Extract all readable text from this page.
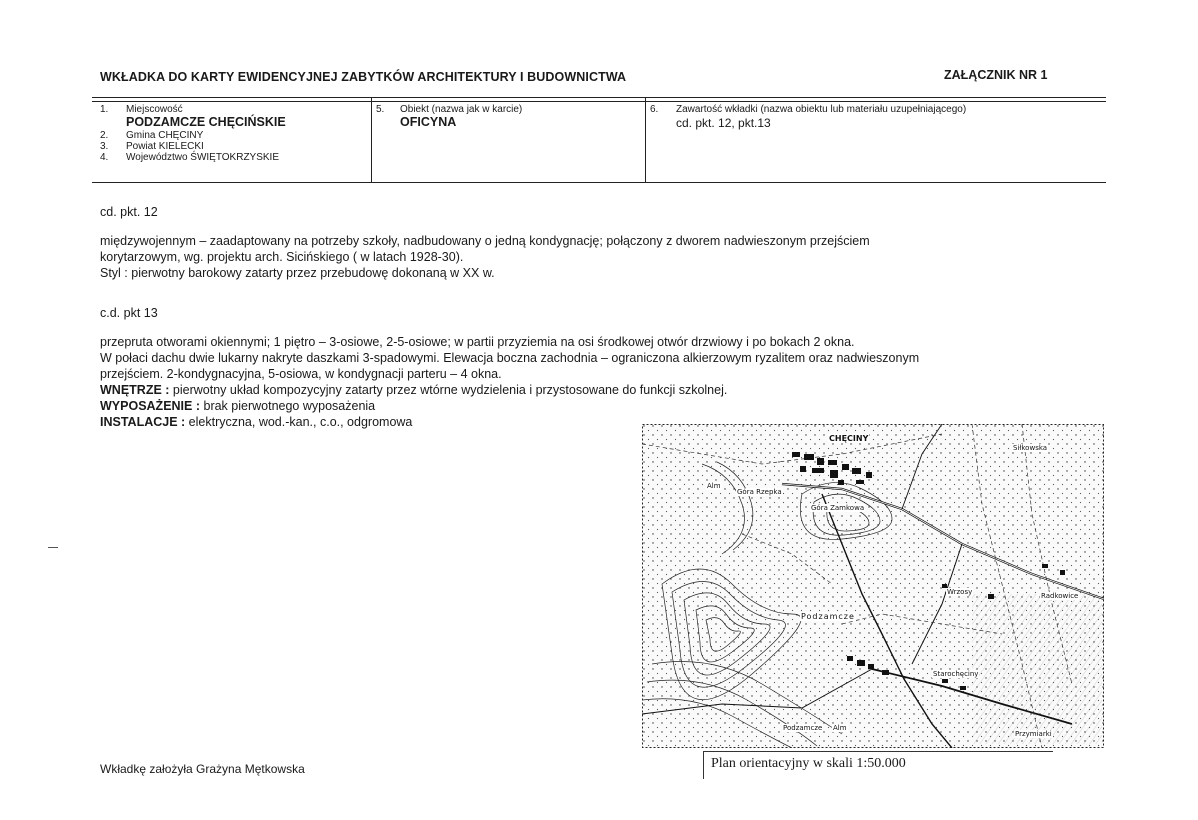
WKŁADKA DO KARTY EWIDENCYJNEJ ZABYTKÓW ARCHITEKTURY I BUDOWNICTWA	ZAŁĄCZNIK NR 1
1. Miejscowość
PODZAMCZE CHĘCIŃSKIE
2. Gmina CHĘCINY
3. Powiat KIELECKI
4. Województwo ŚWIĘTOKRZYSKIE
5. Obiekt (nazwa jak w karcie)
OFICYNA
6. Zawartość wkładki (nazwa obiektu lub materiału uzupełniającego)
cd. pkt. 12, pkt.13
cd. pkt. 12
międzywojennym – zaadaptowany na potrzeby szkoły, nadbudowany o jedną kondygnację; połączony z dworem nadwieszonym przejściem
korytarzowym, wg. projektu arch. Sicińskiego ( w latach 1928-30).
Styl : pierwotny barokowy zatarty przez przebudowę dokonaną w XX w.
c.d. pkt 13
przepruta otworami okiennymi; 1 piętro – 3-osiowe, 2-5-osiowe; w partii przyziemia na osi środkowej otwór drzwiowy i po bokach 2 okna.
W połaci dachu dwie lukarny nakryte daszkami 3-spadowymi. Elewacja boczna zachodnia – ograniczona alkierzowym ryzalitem oraz nadwieszonym
przejściem. 2-kondygnacyjna, 5-osiowa, w kondygnacji parteru – 4 okna.
WNĘTRZE : pierwotny układ kompozycyjny zatarty przez wtórne wydzielenia i przystosowane do funkcji szkolnej.
WYPOSAŻENIE : brak pierwotnego wyposażenia
INSTALACJE : elektryczna, wod.-kan., c.o., odgromowa
CHĘCINY
Góra Rzepka
Góra Zamkowa
Podzamcze
Wrzosy	Radkowice
Starochęciny
Przymiarki
Podzamcze
Siłkowska
Alm
Alm
Plan orientacyjny w skali 1:50.000
Wkładkę założyła Grażyna Mętkowska
